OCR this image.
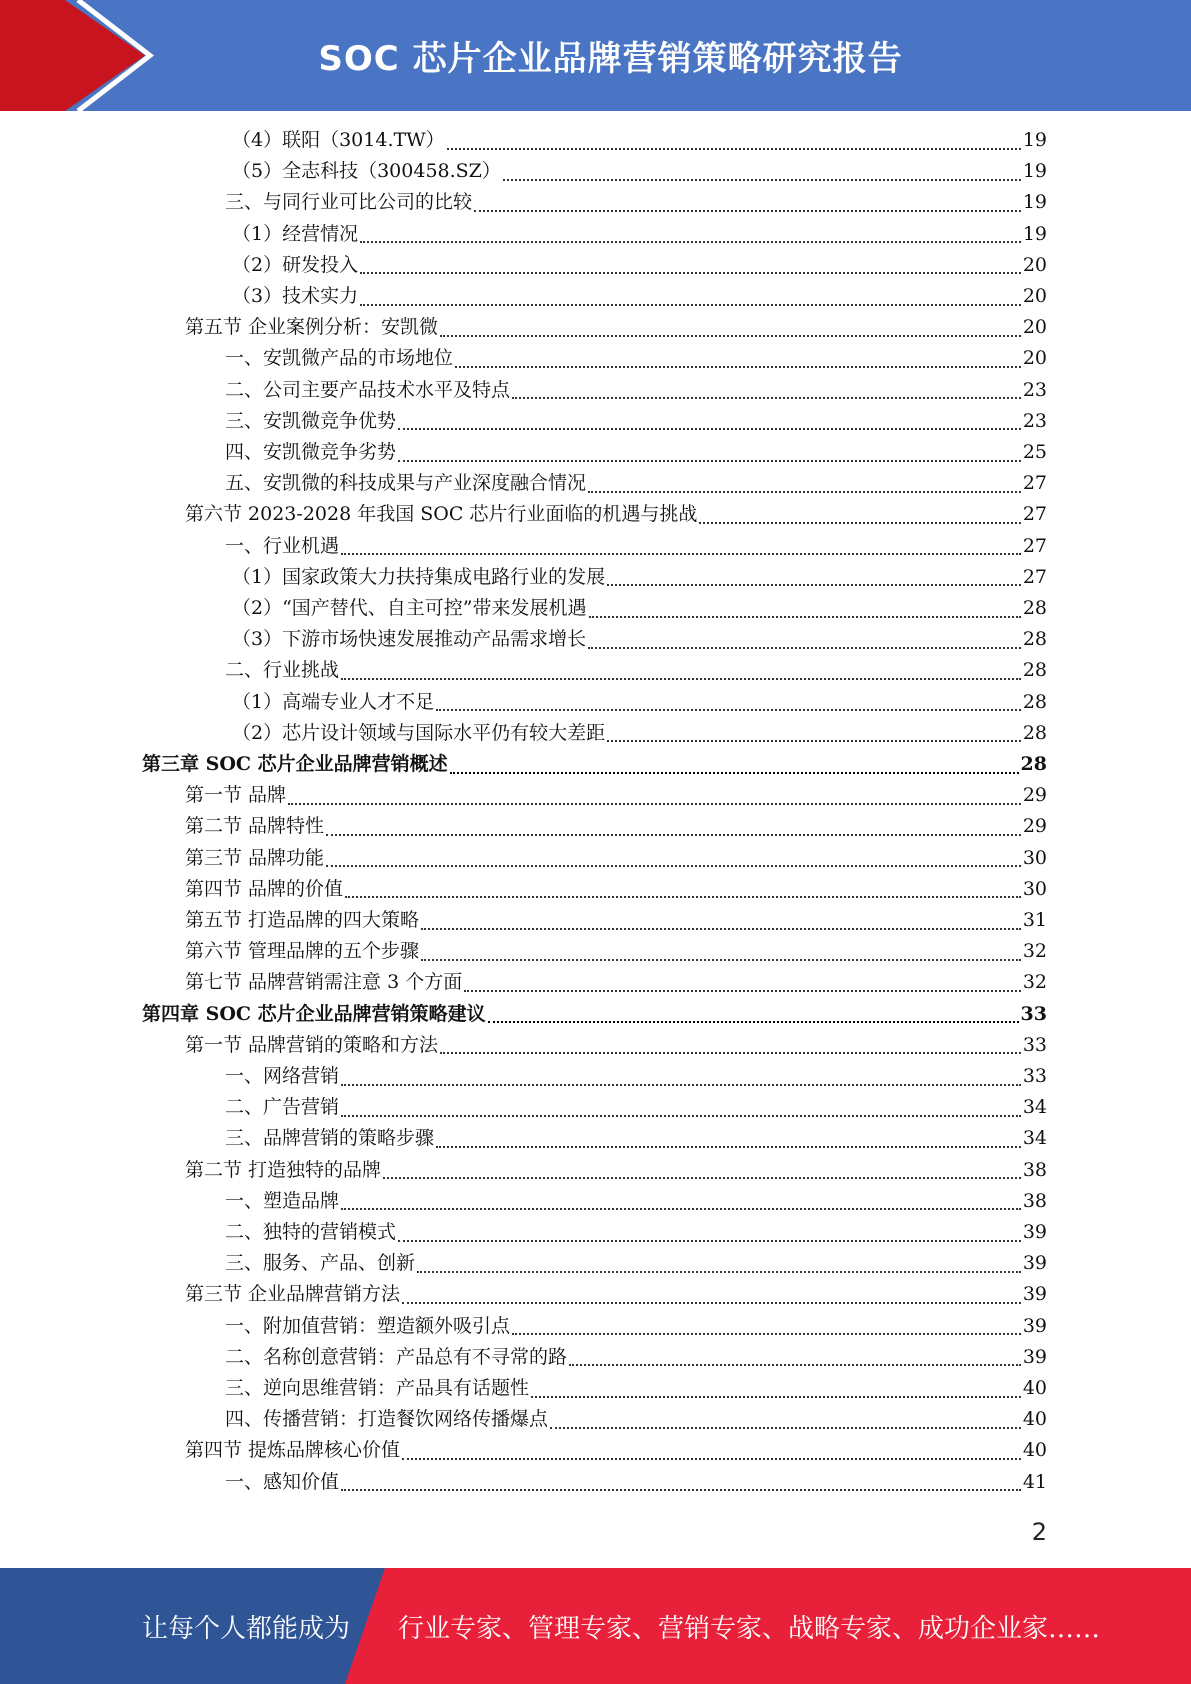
SOC 芯片企业品牌营销策略研究报告
（4）联阳（3014.TW）	19
（5）全志科技（300458.SZ）	19
三、与同行业可比公司的比较	19
（1）经营情况	19
（2）研发投入	20
（3）技术实力	20
第五节 企业案例分析：安凯微	20
一、安凯微产品的市场地位	20
二、公司主要产品技术水平及特点	23
三、安凯微竞争优势	23
四、安凯微竞争劣势	25
五、安凯微的科技成果与产业深度融合情况	27
第六节 2023-2028 年我国 SOC 芯片行业面临的机遇与挑战	27
一、行业机遇	27
（1）国家政策大力扶持集成电路行业的发展	27
（2）“国产替代、自主可控”带来发展机遇	28
（3）下游市场快速发展推动产品需求增长	28
二、行业挑战	28
（1）高端专业人才不足	28
（2）芯片设计领域与国际水平仍有较大差距	28
第三章 SOC 芯片企业品牌营销概述	28
第一节 品牌	29
第二节 品牌特性	29
第三节 品牌功能	30
第四节 品牌的价值	30
第五节 打造品牌的四大策略	31
第六节 管理品牌的五个步骤	32
第七节 品牌营销需注意 3 个方面	32
第四章 SOC 芯片企业品牌营销策略建议	33
第一节 品牌营销的策略和方法	33
一、网络营销	33
二、广告营销	34
三、品牌营销的策略步骤	34
第二节 打造独特的品牌	38
一、塑造品牌	38
二、独特的营销模式	39
三、服务、产品、创新	39
第三节 企业品牌营销方法	39
一、附加值营销：塑造额外吸引点	39
二、名称创意营销：产品总有不寻常的路	39
三、逆向思维营销：产品具有话题性	40
四、传播营销：打造餐饮网络传播爆点	40
第四节 提炼品牌核心价值	40
一、感知价值	41
2
让每个人都能成为 行业专家、管理专家、营销专家、战略专家、成功企业家……
